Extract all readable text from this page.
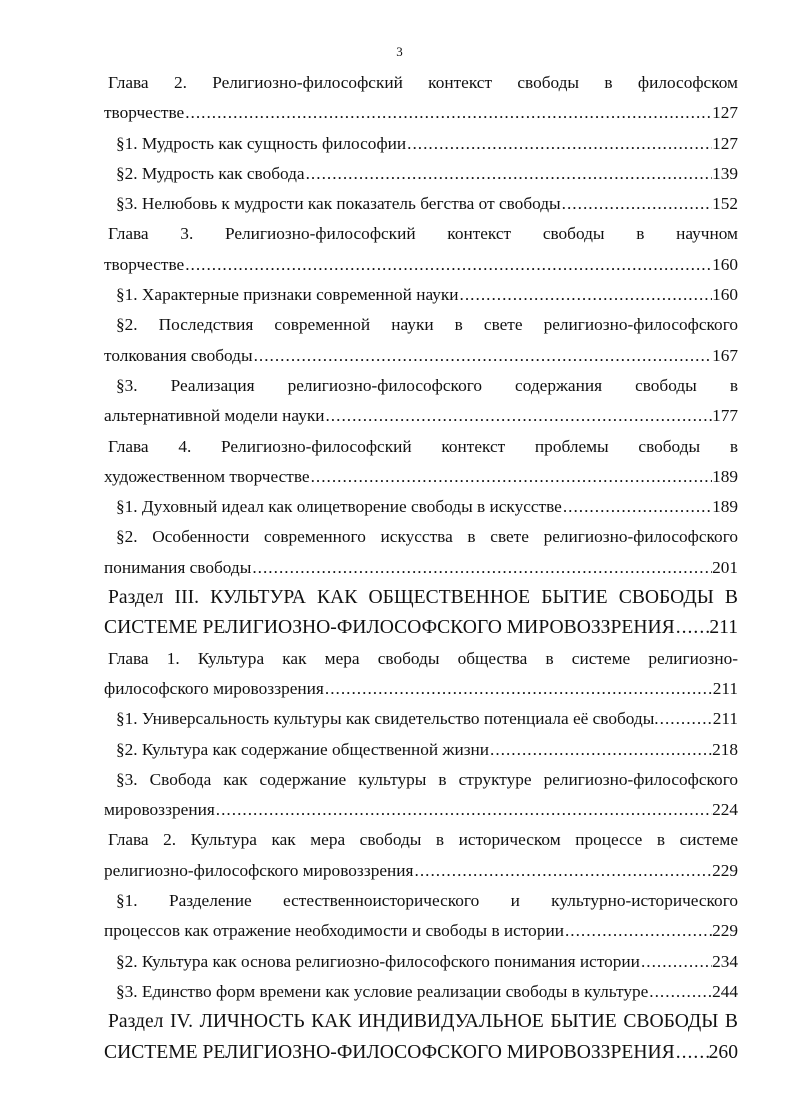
3
Глава 2. Религиозно-философский контекст свободы в философском
творчестве .....	127
§1. Мудрость как сущность философии .....	127
§2. Мудрость как свобода .....	139
§3. Нелюбовь к мудрости как показатель бегства от свободы .....	152
Глава 3. Религиозно-философский контекст свободы в научном
творчестве .....	160
§1. Характерные признаки современной науки .....	160
§2. Последствия современной науки в свете религиозно-философского
толкования свободы .....	167
§3. Реализация религиозно-философского содержания свободы в
альтернативной модели науки .....	177
Глава 4. Религиозно-философский контекст проблемы свободы в
художественном творчестве .....	189
§1. Духовный идеал как олицетворение свободы в искусстве .....	189
§2. Особенности современного искусства в свете религиозно-философского
понимания свободы .....	201
Раздел III. КУЛЬТУРА КАК ОБЩЕСТВЕННОЕ БЫТИЕ СВОБОДЫ В
СИСТЕМЕ РЕЛИГИОЗНО-ФИЛОСОФСКОГО МИРОВОЗЗРЕНИЯ ..... 211
Глава 1. Культура как мера свободы общества в системе религиозно-
философского мировоззрения .....	211
§1. Универсальность культуры как свидетельство потенциала её свободы. .....	211
§2. Культура как содержание общественной жизни .....	218
§3. Свобода как содержание культуры в структуре религиозно-философского
мировоззрения .....	224
Глава 2. Культура как мера свободы в историческом процессе в системе
религиозно-философского мировоззрения .....	229
§1. Разделение естественноисторического и культурно-исторического
процессов как отражение необходимости и свободы в истории .....	229
§2. Культура как основа религиозно-философского понимания истории .....	234
§3. Единство форм времени как условие реализации свободы в культуре .....	244
Раздел IV. ЛИЧНОСТЬ КАК ИНДИВИДУАЛЬНОЕ БЫТИЕ СВОБОДЫ В
СИСТЕМЕ РЕЛИГИОЗНО-ФИЛОСОФСКОГО МИРОВОЗЗРЕНИЯ ..... 260
